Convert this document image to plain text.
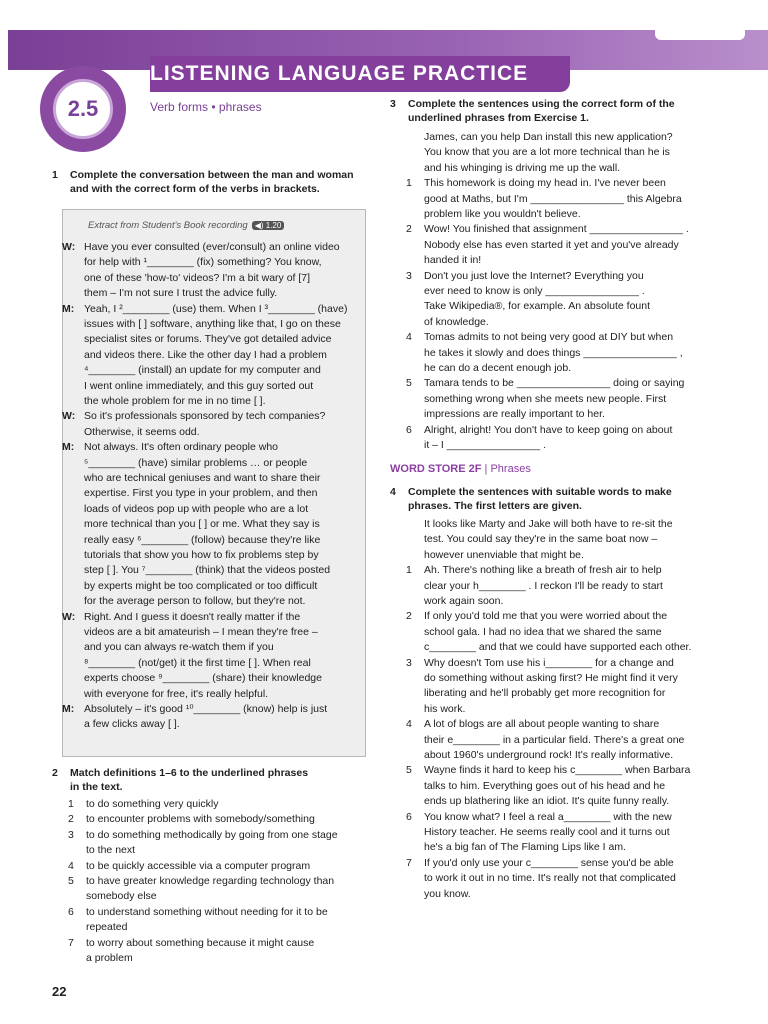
LISTENING LANGUAGE PRACTICE
2.5	Verb forms • phrases
1 Complete the conversation between the man and woman
and with the correct form of the verbs in brackets.
Extract from Student's Book recording ◀) 1.20
Have you ever consulted (ever/consult) an online video
for help with ¹________ (fix) something? You know,
one of these 'how-to' videos? I'm a bit wary of [7]
them – I'm not sure I trust the advice fully.
Yeah, I ²________ (use) them. When I ³________ (have)
issues with [ ] software, anything like that, I go on these
specialist sites or forums. They've got detailed advice
and videos there. Like the other day I had a problem
⁴________ (install) an update for my computer and
I went online immediately, and this guy sorted out
the whole problem for me in no time [ ].
So it's professionals sponsored by tech companies?
Otherwise, it seems odd.
Not always. It's often ordinary people who
⁵________ (have) similar problems … or people
who are technical geniuses and want to share their
expertise. First you type in your problem, and then
loads of videos pop up with people who are a lot
more technical than you [ ] or me. What they say is
really easy ⁶________ (follow) because they're like
tutorials that show you how to fix problems step by
step [ ]. You ⁷________ (think) that the videos posted
by experts might be too complicated or too difficult
for the average person to follow, but they're not.
Right. And I guess it doesn't really matter if the
videos are a bit amateurish – I mean they're free –
and you can always re-watch them if you
⁸________ (not/get) it the first time [ ]. When real
experts choose ⁹________ (share) their knowledge
with everyone for free, it's really helpful.
Absolutely – it's good ¹⁰________ (know) help is just
a few clicks away [ ].
W:
M:
W:
M:
W:
M:
2 Match definitions 1–6 to the underlined phrases
in the text.
1 to do something very quickly
2 to encounter problems with somebody/something
3 to do something methodically by going from one stage
to the next
4 to be quickly accessible via a computer program
5 to have greater knowledge regarding technology than
somebody else
6 to understand something without needing for it to be
repeated
7 to worry about something because it might cause
a problem
3 Complete the sentences using the correct form of the
underlined phrases from Exercise 1.
James, can you help Dan install this new application?
You know that you are a lot more technical than he is
and his whinging is driving me up the wall.
1 This homework is doing my head in. I've never been
good at Maths, but I'm ________________ this Algebra
problem like you wouldn't believe.
2 Wow! You finished that assignment ________________ .
Nobody else has even started it yet and you've already
handed it in!
3 Don't you just love the Internet? Everything you
ever need to know is only ________________ .
Take Wikipedia®, for example. An absolute fount
of knowledge.
4 Tomas admits to not being very good at DIY but when
he takes it slowly and does things ________________ ,
he can do a decent enough job.
5 Tamara tends to be ________________ doing or saying
something wrong when she meets new people. First
impressions are really important to her.
6 Alright, alright! You don't have to keep going on about
it – I ________________ .
WORD STORE 2F | Phrases
4 Complete the sentences with suitable words to make
phrases. The first letters are given.
It looks like Marty and Jake will both have to re-sit the
test. You could say they're in the same boat now –
however unenviable that might be.
1 Ah. There's nothing like a breath of fresh air to help
clear your h________ . I reckon I'll be ready to start
work again soon.
2 If only you'd told me that you were worried about the
school gala. I had no idea that we shared the same
c________ and that we could have supported each other.
3 Why doesn't Tom use his i________ for a change and
do something without asking first? He might find it very
liberating and he'll probably get more recognition for
his work.
4 A lot of blogs are all about people wanting to share
their e________ in a particular field. There's a great one
about 1960's underground rock! It's really informative.
5 Wayne finds it hard to keep his c________ when Barbara
talks to him. Everything goes out of his head and he
ends up blathering like an idiot. It's quite funny really.
6 You know what? I feel a real a________ with the new
History teacher. He seems really cool and it turns out
he's a big fan of The Flaming Lips like I am.
7 If you'd only use your c________ sense you'd be able
to work it out in no time. It's really not that complicated
you know.
22
